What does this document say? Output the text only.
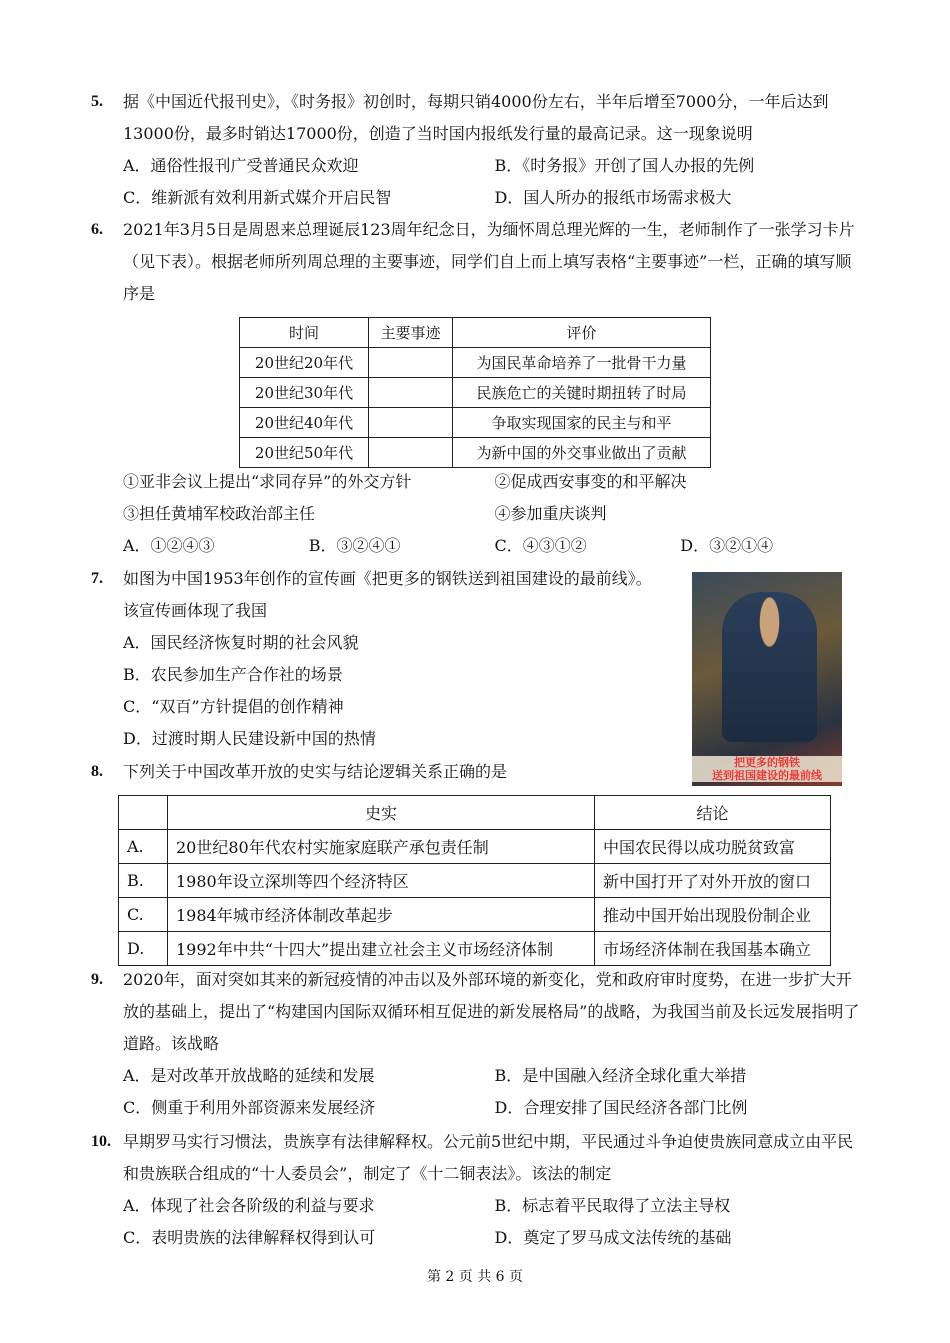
5.	据《中国近代报刊史》，《时务报》初创时，每期只销4000份左右，半年后增至7000分，一年后达到13000份，最多时销达17000份，创造了当时国内报纸发行量的最高记录。这一现象说明
A．通俗性报刊广受普通民众欢迎	B．《时务报》开创了国人办报的先例
C．维新派有效利用新式媒介开启民智	D．国人所办的报纸市场需求极大
6.	2021年3月5日是周恩来总理诞辰123周年纪念日，为缅怀周总理光辉的一生，老师制作了一张学习卡片（见下表）。根据老师所列周总理的主要事迹，同学们自上而上填写表格“主要事迹”一栏，正确的填写顺序是
时间	主要事迹	评价
20世纪20年代		为国民革命培养了一批骨干力量
20世纪30年代		民族危亡的关键时期扭转了时局
20世纪40年代		争取实现国家的民主与和平
20世纪50年代		为新中国的外交事业做出了贡献
①亚非会议上提出“求同存异”的外交方针	②促成西安事变的和平解决
③担任黄埔军校政治部主任	④参加重庆谈判
A．①②④③	B．③②④①	C．④③①②	D．③②①④
7.	如图为中国1953年创作的宣传画《把更多的钢铁送到祖国建设的最前线》。
该宣传画体现了我国
A．国民经济恢复时期的社会风貌
B．农民参加生产合作社的场景
C．“双百”方针提倡的创作精神
D．过渡时期人民建设新中国的热情
把更多的钢铁
送到祖国建设的最前线
8.	下列关于中国改革开放的史实与结论逻辑关系正确的是
	史实	结论
A.	20世纪80年代农村实施家庭联产承包责任制	中国农民得以成功脱贫致富
B.	1980年设立深圳等四个经济特区	新中国打开了对外开放的窗口
C.	1984年城市经济体制改革起步	推动中国开始出现股份制企业
D.	1992年中共“十四大”提出建立社会主义市场经济体制	市场经济体制在我国基本确立
9.	2020年，面对突如其来的新冠疫情的冲击以及外部环境的新变化，党和政府审时度势，在进一步扩大开放的基础上，提出了“构建国内国际双循环相互促进的新发展格局”的战略，为我国当前及长远发展指明了道路。该战略
A．是对改革开放战略的延续和发展	B．是中国融入经济全球化重大举措
C．侧重于利用外部资源来发展经济	D．合理安排了国民经济各部门比例
10. 早期罗马实行习惯法，贵族享有法律解释权。公元前5世纪中期，平民通过斗争迫使贵族同意成立由平民和贵族联合组成的“十人委员会”，制定了《十二铜表法》。该法的制定
A．体现了社会各阶级的利益与要求	B．标志着平民取得了立法主导权
C．表明贵族的法律解释权得到认可	D．奠定了罗马成文法传统的基础
第 2 页 共 6 页
